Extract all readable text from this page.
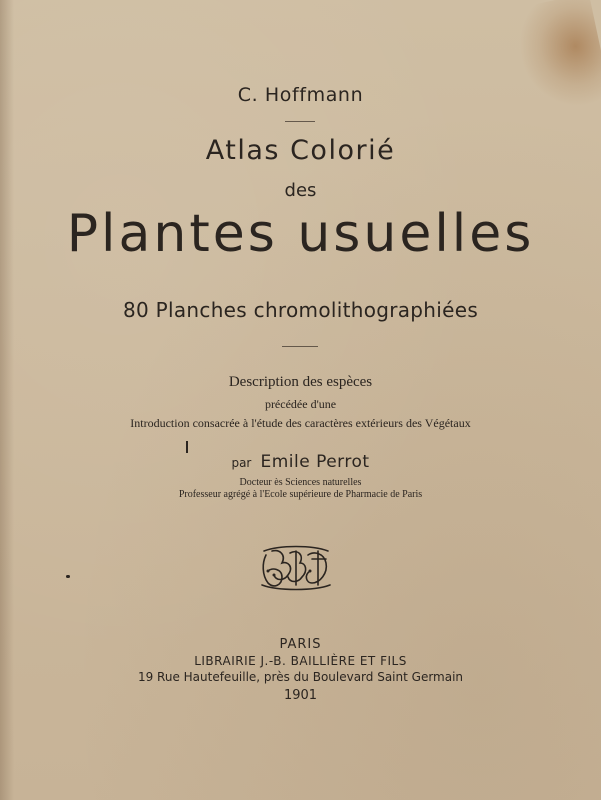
C. Hoffmann
Atlas Colorié
des
Plantes usuelles
80 Planches chromolithographiées
Description des espèces
précédée d'une
Introduction consacrée à l'étude des caractères extérieurs des Végétaux
par Emile Perrot
Docteur ès Sciences naturelles
Professeur agrégé à l'Ecole supérieure de Pharmacie de Paris
PARIS
LIBRAIRIE J.-B. BAILLIÈRE ET FILS
19 Rue Hautefeuille, près du Boulevard Saint Germain
1901
